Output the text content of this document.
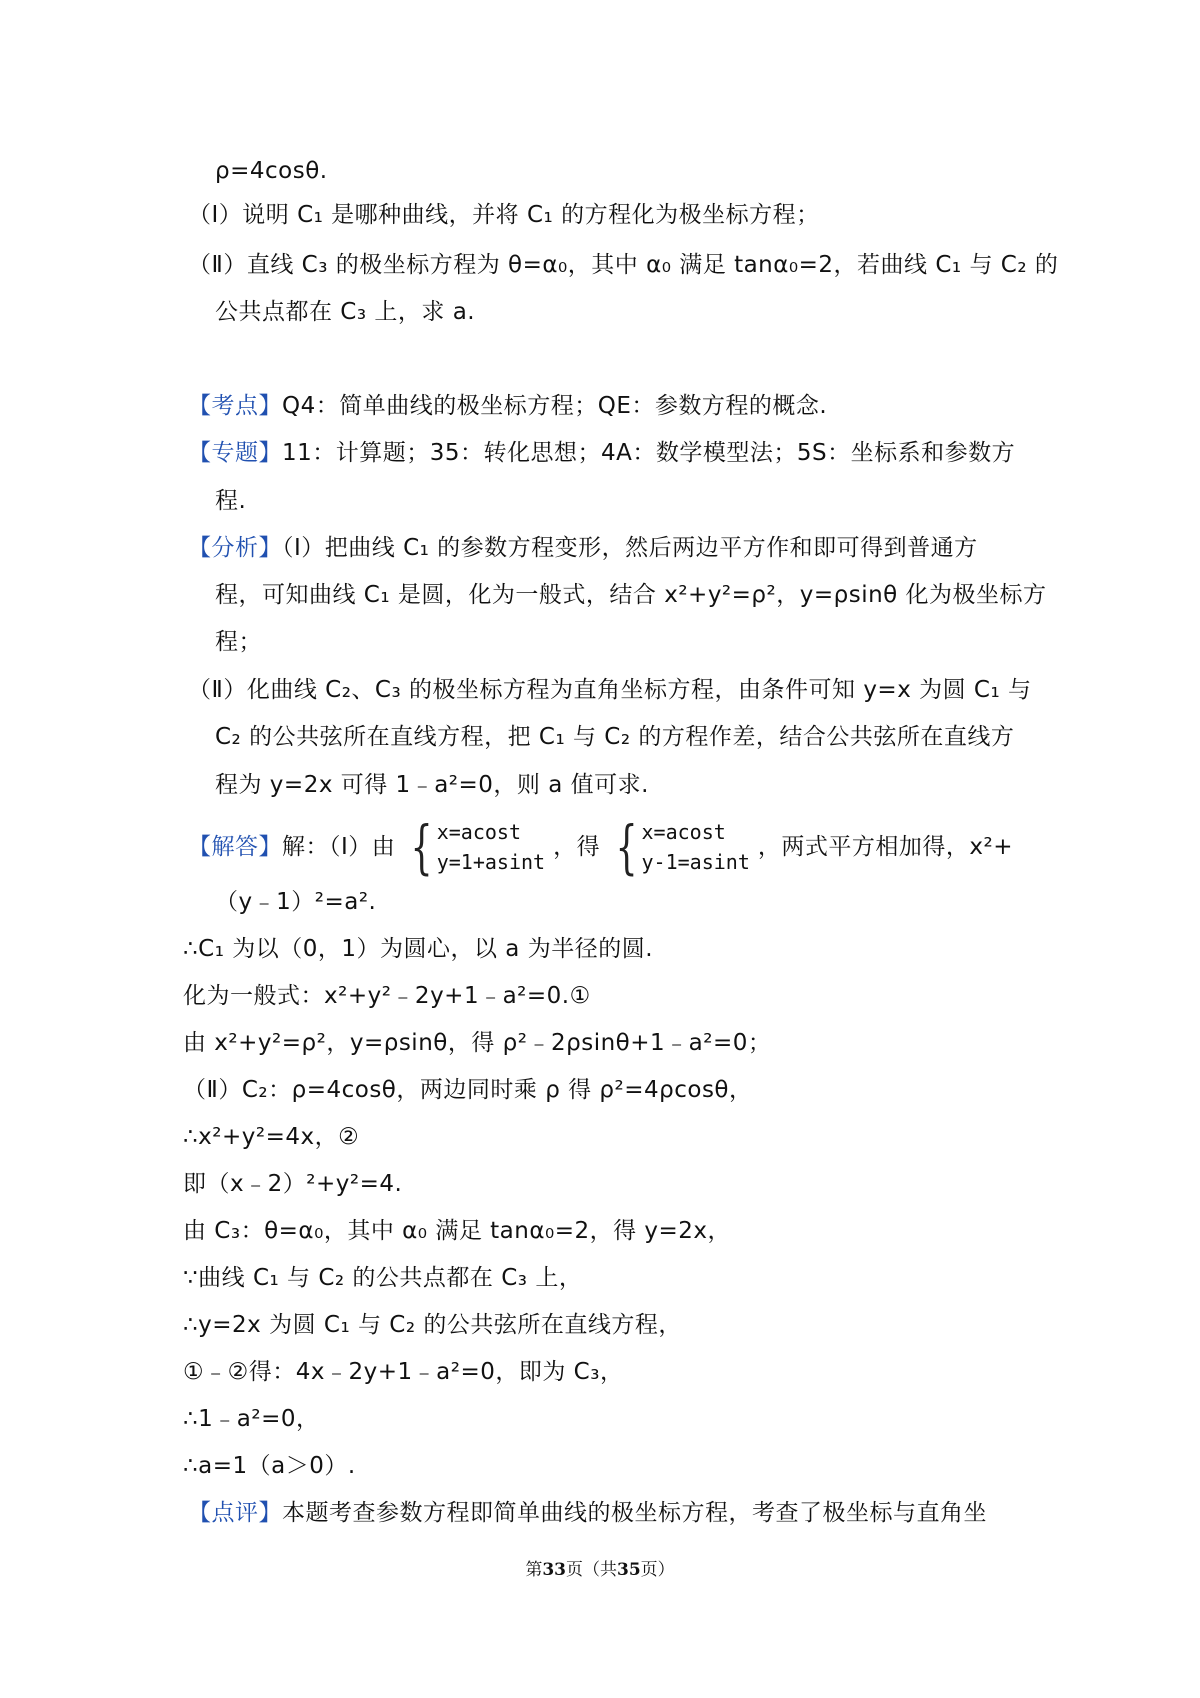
ρ=4cosθ.
（Ⅰ）说明 C₁ 是哪种曲线，并将 C₁ 的方程化为极坐标方程；
（Ⅱ）直线 C₃ 的极坐标方程为 θ=α₀，其中 α₀ 满足 tanα₀=2，若曲线 C₁ 与 C₂ 的
公共点都在 C₃ 上，求 a.
【考点】Q4：简单曲线的极坐标方程；QE：参数方程的概念.
【专题】11：计算题；35：转化思想；4A：数学模型法；5S：坐标系和参数方
程.
【分析】（Ⅰ）把曲线 C₁ 的参数方程变形，然后两边平方作和即可得到普通方
程，可知曲线 C₁ 是圆，化为一般式，结合 x²+y²=ρ²，y=ρsinθ 化为极坐标方
程；
（Ⅱ）化曲线 C₂、C₃ 的极坐标方程为直角坐标方程，由条件可知 y=x 为圆 C₁ 与
C₂ 的公共弦所在直线方程，把 C₁ 与 C₂ 的方程作差，结合公共弦所在直线方
程为 y=2x 可得 1﹣a²=0，则 a 值可求.
【解答】 解：（Ⅰ）由 { x=acost
y=1+asint
，得 { x=acost
y-1=asint
，两式平方相加得，x²+
（y﹣1）²=a².
∴C₁ 为以（0，1）为圆心，以 a 为半径的圆.
化为一般式：x²+y²﹣2y+1﹣a²=0.①
由 x²+y²=ρ²，y=ρsinθ，得 ρ²﹣2ρsinθ+1﹣a²=0；
（Ⅱ）C₂：ρ=4cosθ，两边同时乘 ρ 得 ρ²=4ρcosθ，
∴x²+y²=4x，②
即（x﹣2）²+y²=4.
由 C₃：θ=α₀，其中 α₀ 满足 tanα₀=2，得 y=2x，
∵曲线 C₁ 与 C₂ 的公共点都在 C₃ 上，
∴y=2x 为圆 C₁ 与 C₂ 的公共弦所在直线方程，
①﹣②得：4x﹣2y+1﹣a²=0，即为 C₃，
∴1﹣a²=0，
∴a=1（a＞0）.
【点评】本题考查参数方程即简单曲线的极坐标方程，考查了极坐标与直角坐
第33页（共35页）
